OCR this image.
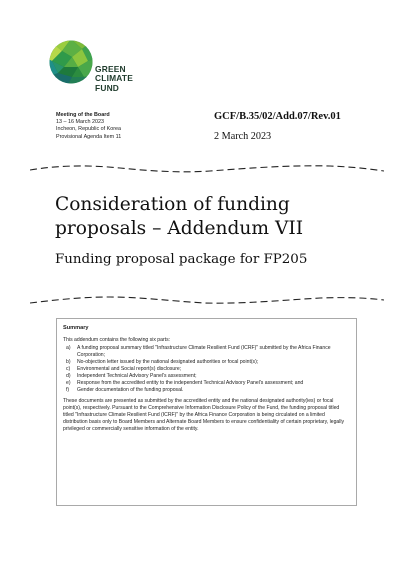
GREEN
CLIMATE
FUND
Meeting of the Board
13 – 16 March 2023
Incheon, Republic of Korea
Provisional Agenda Item 11
GCF/B.35/02/Add.07/Rev.01
2 March 2023
Consideration of funding proposals – Addendum VII
Funding proposal package for FP205
Summary
This addendum contains the following six parts:
a) A funding proposal summary titled "Infrastructure Climate Resilient Fund (ICRF)" submitted by the Africa Finance Corporation;
b) No-objection letter issued by the national designated authorities or focal point(s);
c) Environmental and Social report(s) disclosure;
d) Independent Technical Advisory Panel's assessment;
e) Response from the accredited entity to the independent Technical Advisory Panel's assessment; and
f) Gender documentation of the funding proposal.
These documents are presented as submitted by the accredited entity and the national designated authority(ies) or focal point(s), respectively. Pursuant to the Comprehensive Information Disclosure Policy of the Fund, the funding proposal titled titled "Infrastructure Climate Resilient Fund (ICRF)" by the Africa Finance Corporation is being circulated on a limited distribution basis only to Board Members and Alternate Board Members to ensure confidentiality of certain proprietary, legally privileged or commercially sensitive information of the entity.
